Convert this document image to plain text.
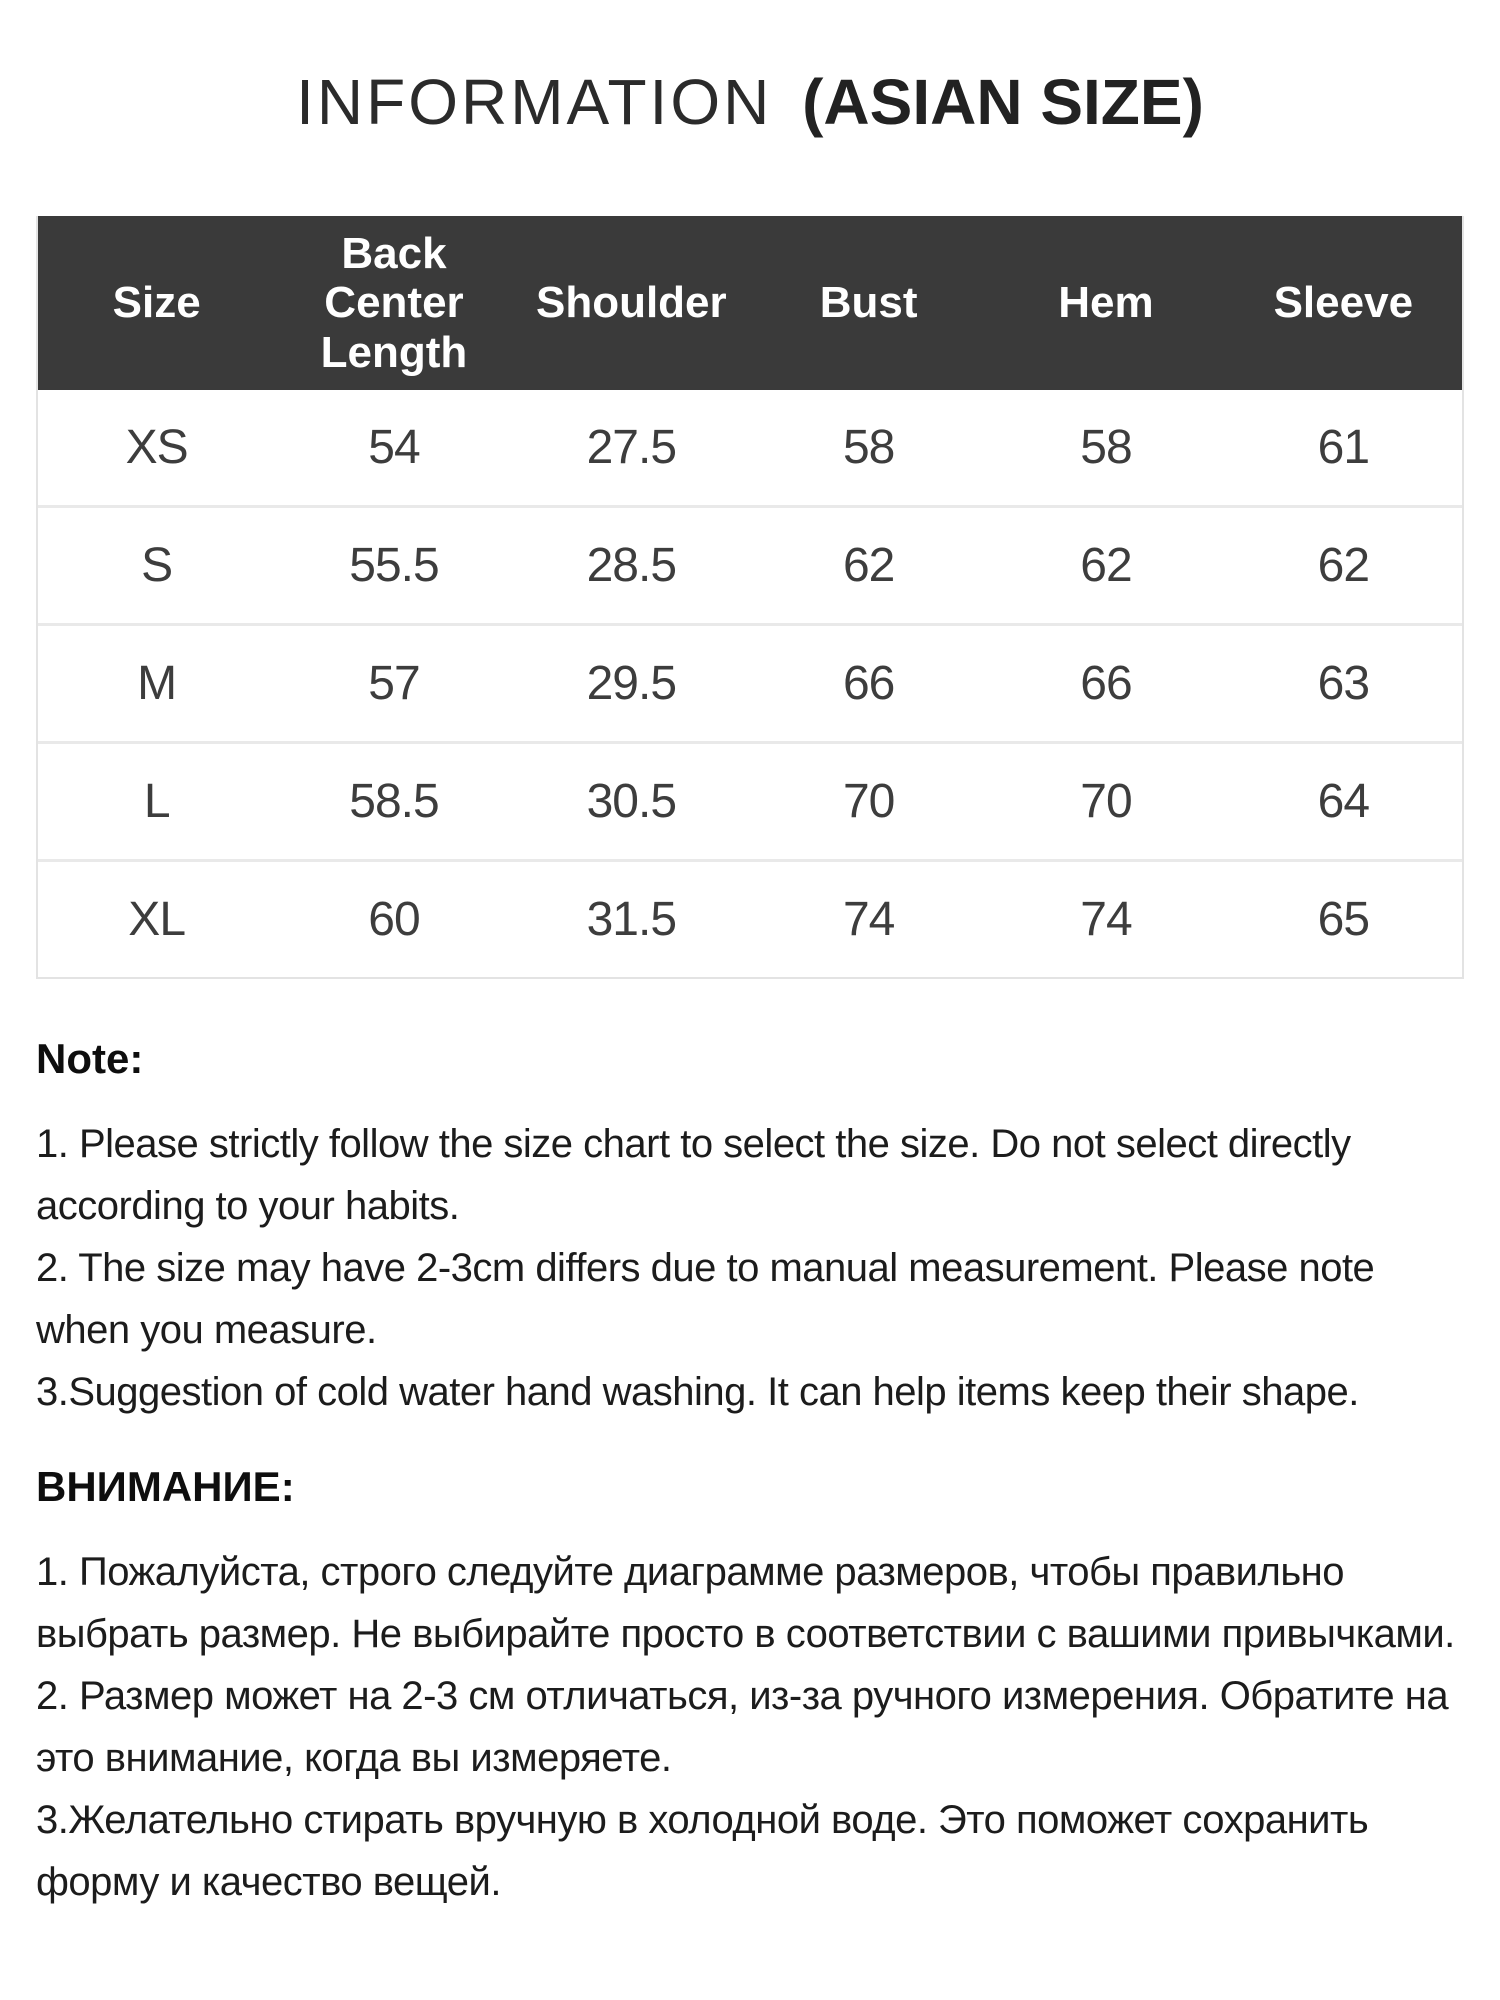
INFORMATION (ASIAN SIZE)
Size	Back Center Length	Shoulder	Bust	Hem	Sleeve
XS	54	27.5	58	58	61
S	55.5	28.5	62	62	62
M	57	29.5	66	66	63
L	58.5	30.5	70	70	64
XL	60	31.5	74	74	65
Note:

1. Please strictly follow the size chart to select the size. Do not select directly according to your habits.

2. The size may have 2-3cm differs due to manual measurement. Please note when you measure.

3.Suggestion of cold water hand washing. It can help items keep their shape.

ВНИМАНИЕ:

1. Пожалуйста, строго следуйте диаграмме размеров, чтобы правильно выбрать размер. Не выбирайте просто в соответствии с вашими привычками.

2. Размер может на 2-3 см отличаться, из-за ручного измерения. Обратите на это внимание, когда вы измеряете.

3.Желательно стирать вручную в холодной воде. Это поможет сохранить форму и качество вещей.
